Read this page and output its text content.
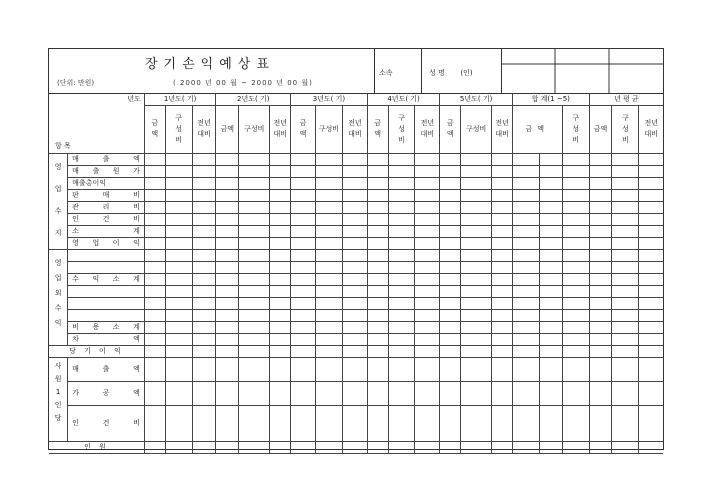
장기손익예상표
(단위: 만원)	( 2000 년 00 월 ~ 2000 년 00 월)
소속	성 명 (인)
년도		1년도( 기)			2년도( 기)			3년도( 기)			4년도( 기)			5년도( 기)			합 계(1 ~5)			년 평 균		
항 목		금액	구성비	전년대비	금액	구성비	전년대비	금액	구성비	전년대비	금액	구성비	전년대비	금액	구성비	전년대비	금액		구성비	금액	구성비	전년대비
영업수지	매 출 액																					
	매 출 원 가																					
	매출총이익																					
	판 매 비																					
	관 리 비																					
	인 건 비																					
	소 계																					
	영 업 이 익																					
영업외수익																						

	수 익 소 계																					

	비 용 소 계																					
	차 액																					
당 기 이 익																						
사원1인당	매 출 액																					
	가 공 액																					
	인 건 비																					
인 원																						
